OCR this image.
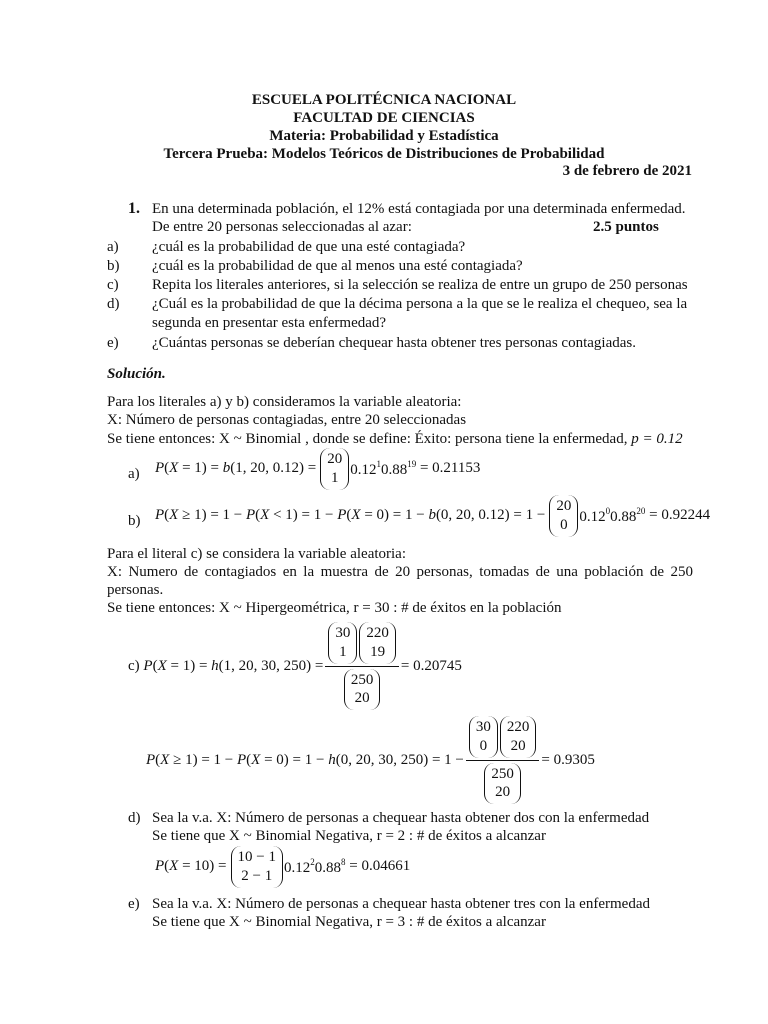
ESCUELA POLITÉCNICA NACIONAL
FACULTAD DE CIENCIAS
Materia: Probabilidad y Estadística
Tercera Prueba: Modelos Teóricos de Distribuciones de Probabilidad
3 de febrero de 2021
1. En una determinada población, el 12% está contagiada por una determinada enfermedad.
De entre 20 personas seleccionadas al azar:	2.5 puntos
a) ¿cuál es la probabilidad de que una esté contagiada?
b) ¿cuál es la probabilidad de que al menos una esté contagiada?
c) Repita los literales anteriores, si la selección se realiza de entre un grupo de 250 personas
d) ¿Cuál es la probabilidad de que la décima persona a la que se le realiza el chequeo, sea la
segunda en presentar esta enfermedad?
e) ¿Cuántas personas se deberían chequear hasta obtener tres personas contagiadas.
Solución.
Para los literales a) y b) consideramos la variable aleatoria:
X: Número de personas contagiadas, entre 20 seleccionadas
Se tiene entonces: X ~ Binomial , donde se define: Éxito: persona tiene la enfermedad, p = 0.12
a) P(X = 1) = b(1, 20, 0.12) =
20
1 $0.12^10.88^{19} = 0.21153$
b) P(X ≥ 1) = 1 − P(X < 1) = 1 − P(X = 0) = 1 − b(0, 20, 0.12) = 1 −
20
0 $0.12^00.88^{20} = 0.92244$
Para el literal c) se considera la variable aleatoria:
X: Numero de contagiados en la muestra de 20 personas, tomadas de una población de 250
personas.
Se tiene entonces: X ~ Hipergeométrica, r = 30 : # de éxitos en la población
c) P(X = 1) = h(1, 20, 30, 250) = 30
1
220
19
250
20 = 0.20745
P(X ≥ 1) = 1 − P(X = 0) = 1 − h(0, 20, 30, 250) = 1 − 30
0
220
20
250
20 = 0.9305
d) Sea la v.a. X: Número de personas a chequear hasta obtener dos con la enfermedad
Se tiene que X ~ Binomial Negativa, r = 2 : # de éxitos a alcanzar
P(X = 10) =
10 − 1
2 − 1 $0.12^20.88^8 = 0.04661$
e) Sea la v.a. X: Número de personas a chequear hasta obtener tres con la enfermedad
Se tiene que X ~ Binomial Negativa, r = 3 : # de éxitos a alcanzar
